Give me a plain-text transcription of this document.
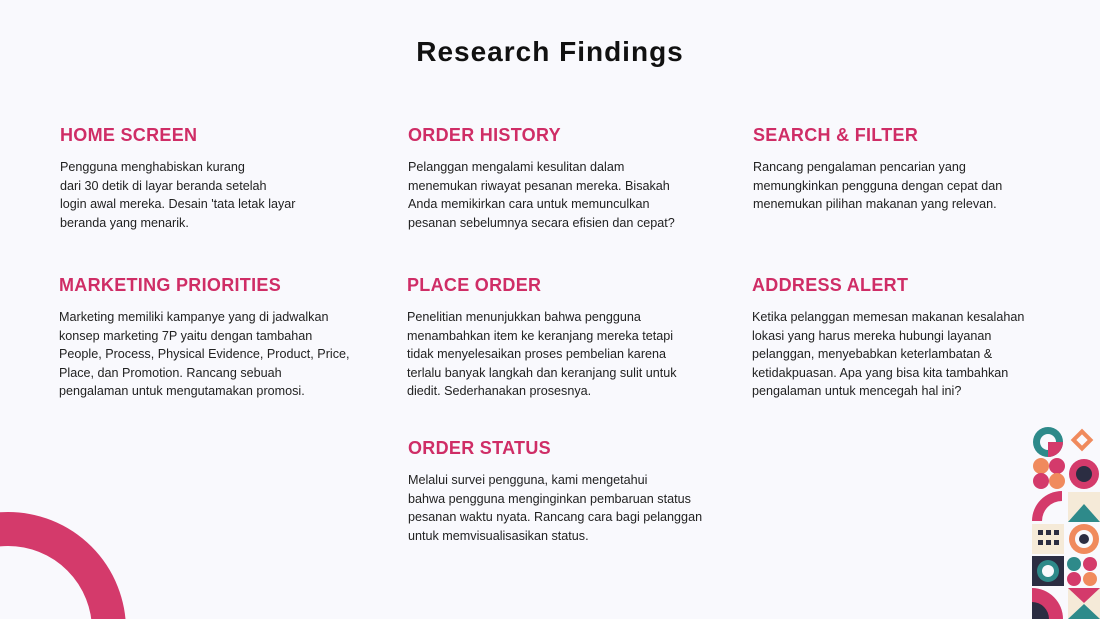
Research Findings
HOME SCREEN

Pengguna menghabiskan kurang
dari 30 detik di layar beranda setelah
login awal mereka. Desain 'tata letak layar
beranda yang menarik.

ORDER HISTORY

Pelanggan mengalami kesulitan dalam
menemukan riwayat pesanan mereka. Bisakah
Anda memikirkan cara untuk memunculkan
pesanan sebelumnya secara efisien dan cepat?

SEARCH & FILTER

Rancang pengalaman pencarian yang
memungkinkan pengguna dengan cepat dan
menemukan pilihan makanan yang relevan.

MARKETING PRIORITIES

Marketing memiliki kampanye yang di jadwalkan
konsep marketing 7P yaitu dengan tambahan
People, Process, Physical Evidence, Product, Price,
Place, dan Promotion. Rancang sebuah
pengalaman untuk mengutamakan promosi.

PLACE ORDER

Penelitian menunjukkan bahwa pengguna
menambahkan item ke keranjang mereka tetapi
tidak menyelesaikan proses pembelian karena
terlalu banyak langkah dan keranjang sulit untuk
diedit. Sederhanakan prosesnya.

ADDRESS ALERT

Ketika pelanggan memesan makanan kesalahan
lokasi yang harus mereka hubungi layanan
pelanggan, menyebabkan keterlambatan &
ketidakpuasan. Apa yang bisa kita tambahkan
pengalaman untuk mencegah hal ini?

ORDER STATUS

Melalui survei pengguna, kami mengetahui
bahwa pengguna menginginkan pembaruan status
pesanan waktu nyata. Rancang cara bagi pelanggan
untuk memvisualisasikan status.
